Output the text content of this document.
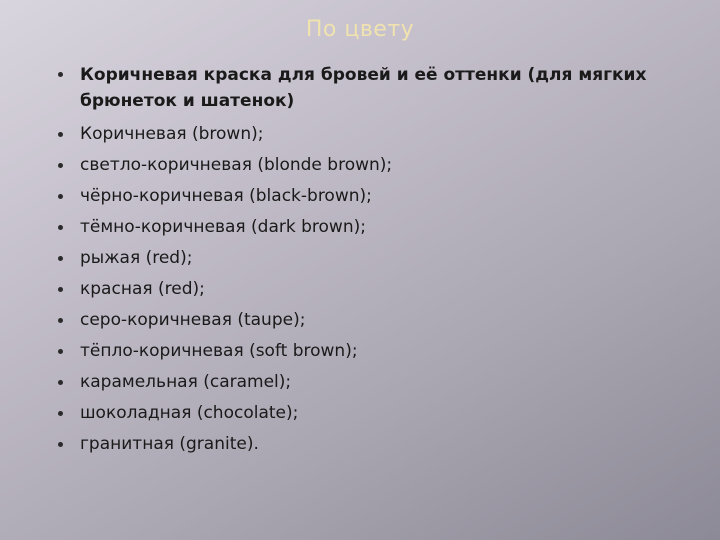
По цвету
Коричневая краска для бровей и её оттенки (для мягких брюнеток и шатенок)
Коричневая (brown);
светло-коричневая (blonde brown);
чёрно-коричневая (black-brown);
тёмно-коричневая (dark brown);
рыжая (red);
красная (red);
серо-коричневая (taupe);
тёпло-коричневая (soft brown);
карамельная (caramel);
шоколадная (chocolate);
гранитная (granite).
